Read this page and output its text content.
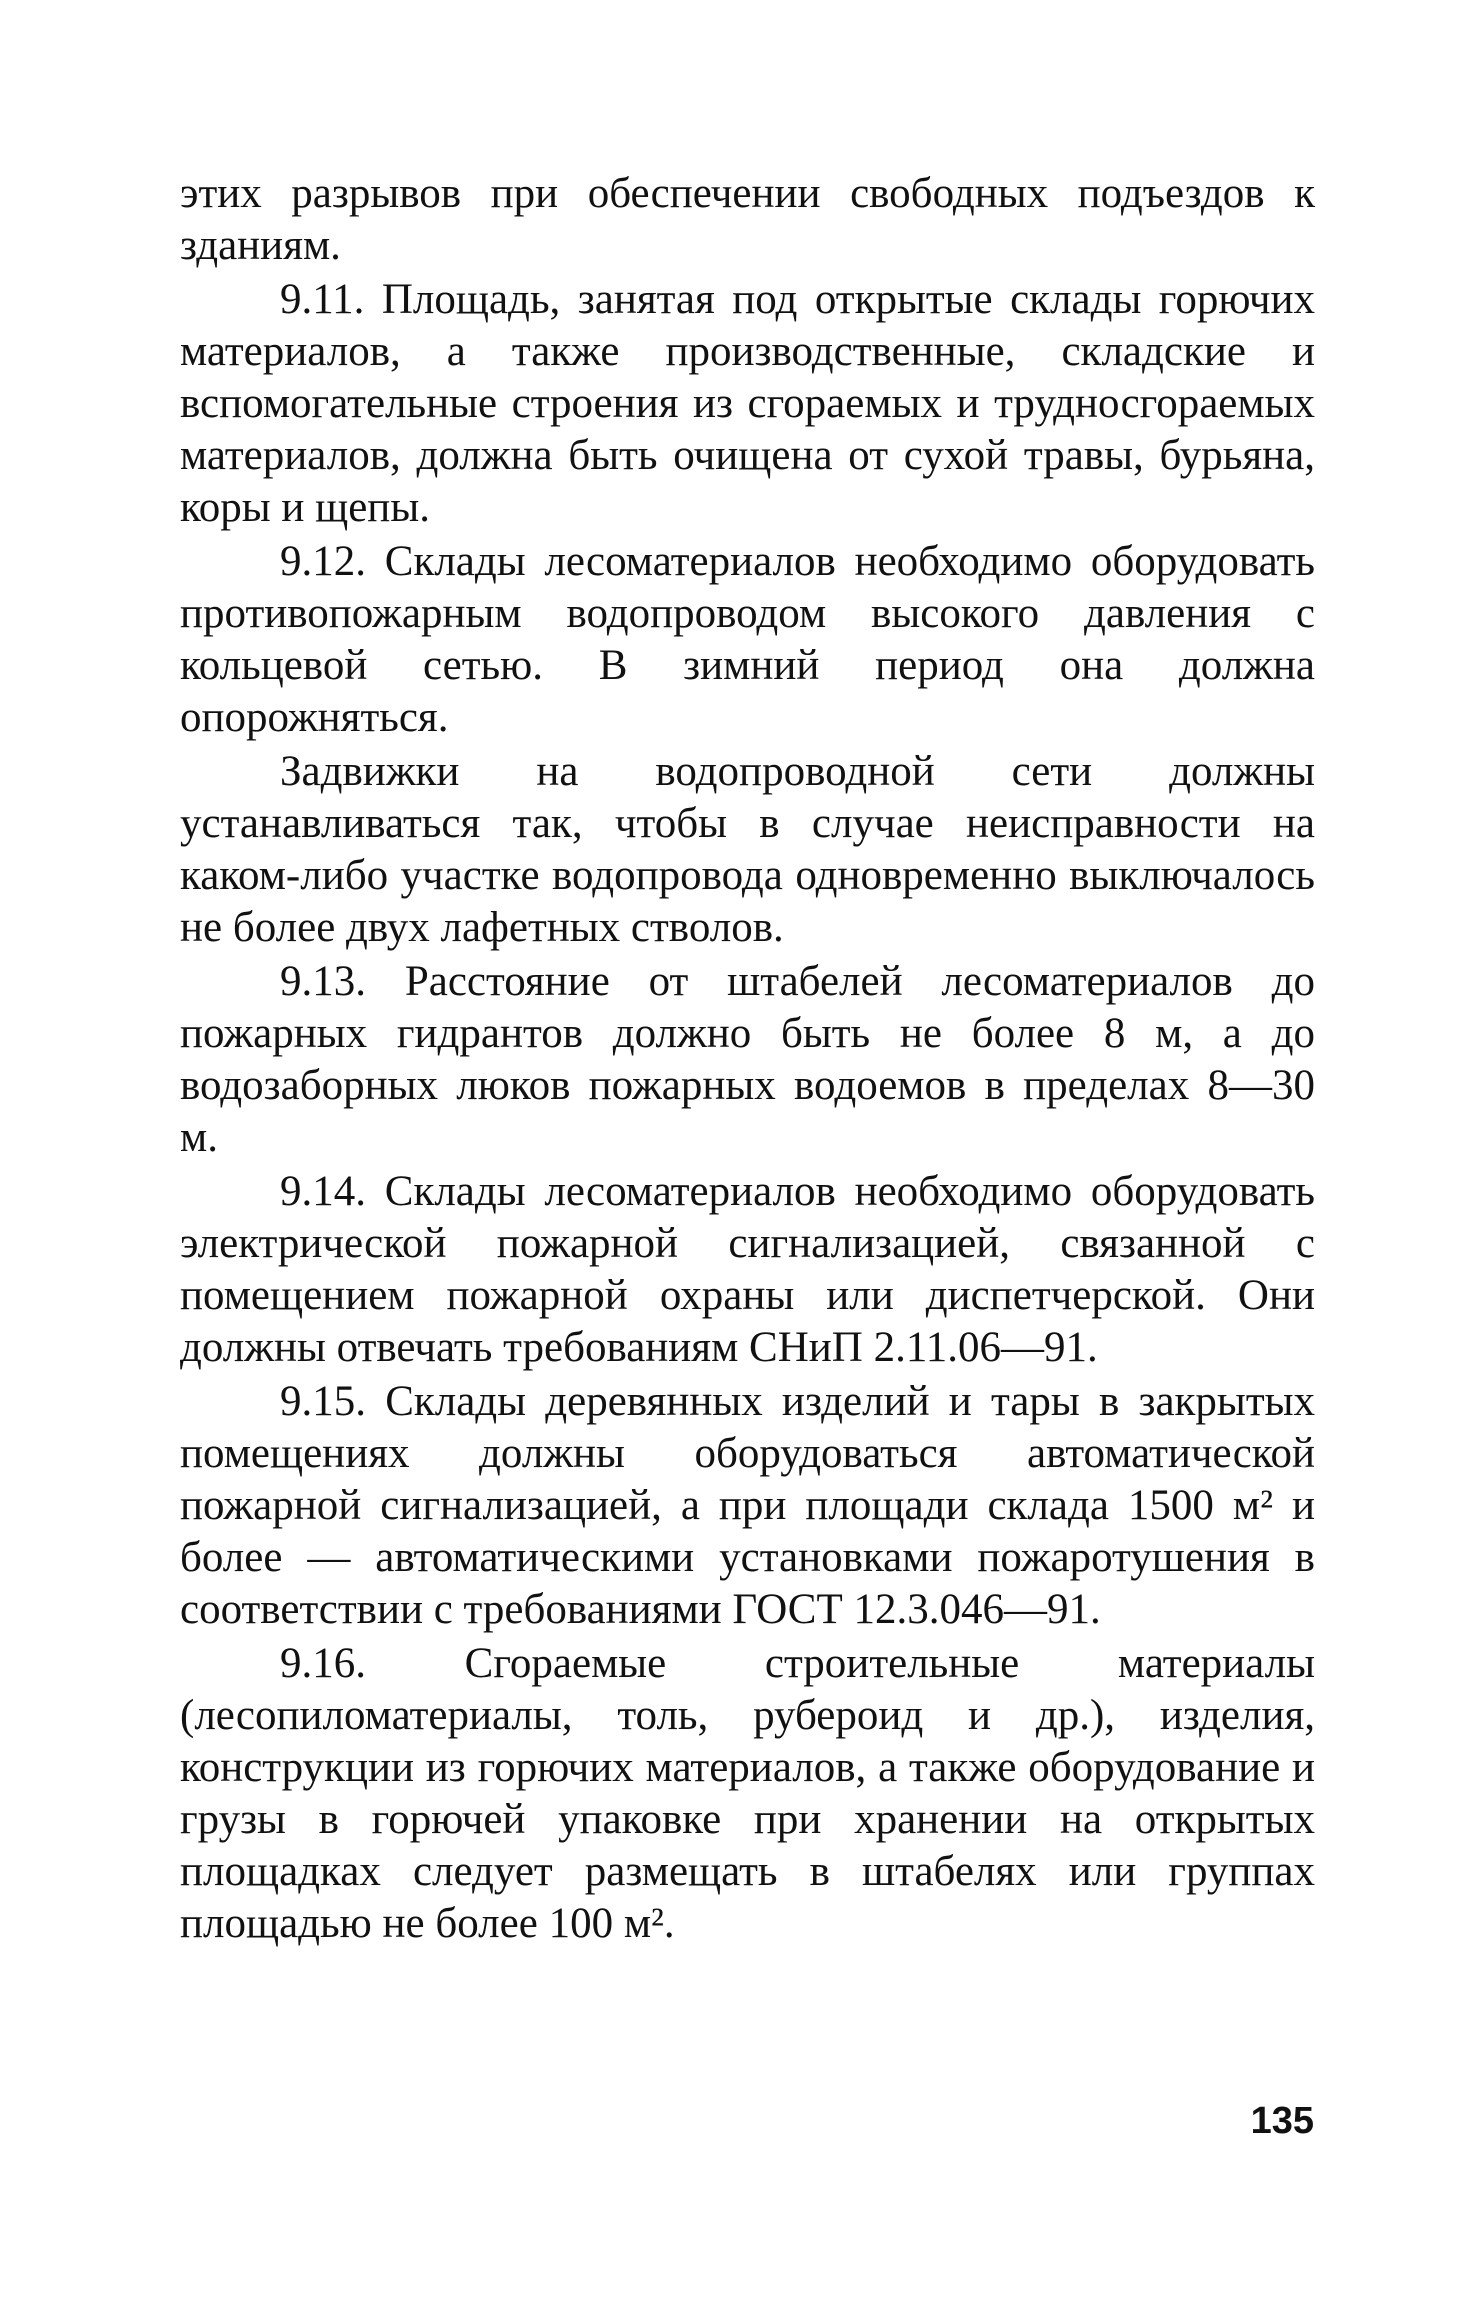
этих разрывов при обеспечении свободных подъездов к зданиям.

9.11. Площадь, занятая под открытые склады горючих материалов, а также производственные, складские и вспомогательные строения из сгораемых и трудносгораемых материалов, должна быть очищена от сухой травы, бурьяна, коры и щепы.

9.12. Склады лесоматериалов необходимо оборудовать противопожарным водопроводом высокого давления с кольцевой сетью. В зимний период она должна опорожняться.

Задвижки на водопроводной сети должны устанавливаться так, чтобы в случае неисправности на каком-либо участке водопровода одновременно выключалось не более двух лафетных стволов.

9.13. Расстояние от штабелей лесоматериалов до пожарных гидрантов должно быть не более 8 м, а до водозаборных люков пожарных водоемов в пределах 8—30 м.

9.14. Склады лесоматериалов необходимо оборудовать электрической пожарной сигнализацией, связанной с помещением пожарной охраны или диспетчерской. Они должны отвечать требованиям СНиП 2.11.06—91.

9.15. Склады деревянных изделий и тары в закрытых помещениях должны оборудоваться автоматической пожарной сигнализацией, а при площади склада 1500 м² и более — автоматическими установками пожаротушения в соответствии с требованиями ГОСТ 12.3.046—91.

9.16. Сгораемые строительные материалы (лесопиломатериалы, толь, рубероид и др.), изделия, конструкции из горючих материалов, а также оборудование и грузы в горючей упаковке при хранении на открытых площадках следует размещать в штабелях или группах площадью не более 100 м².

135
